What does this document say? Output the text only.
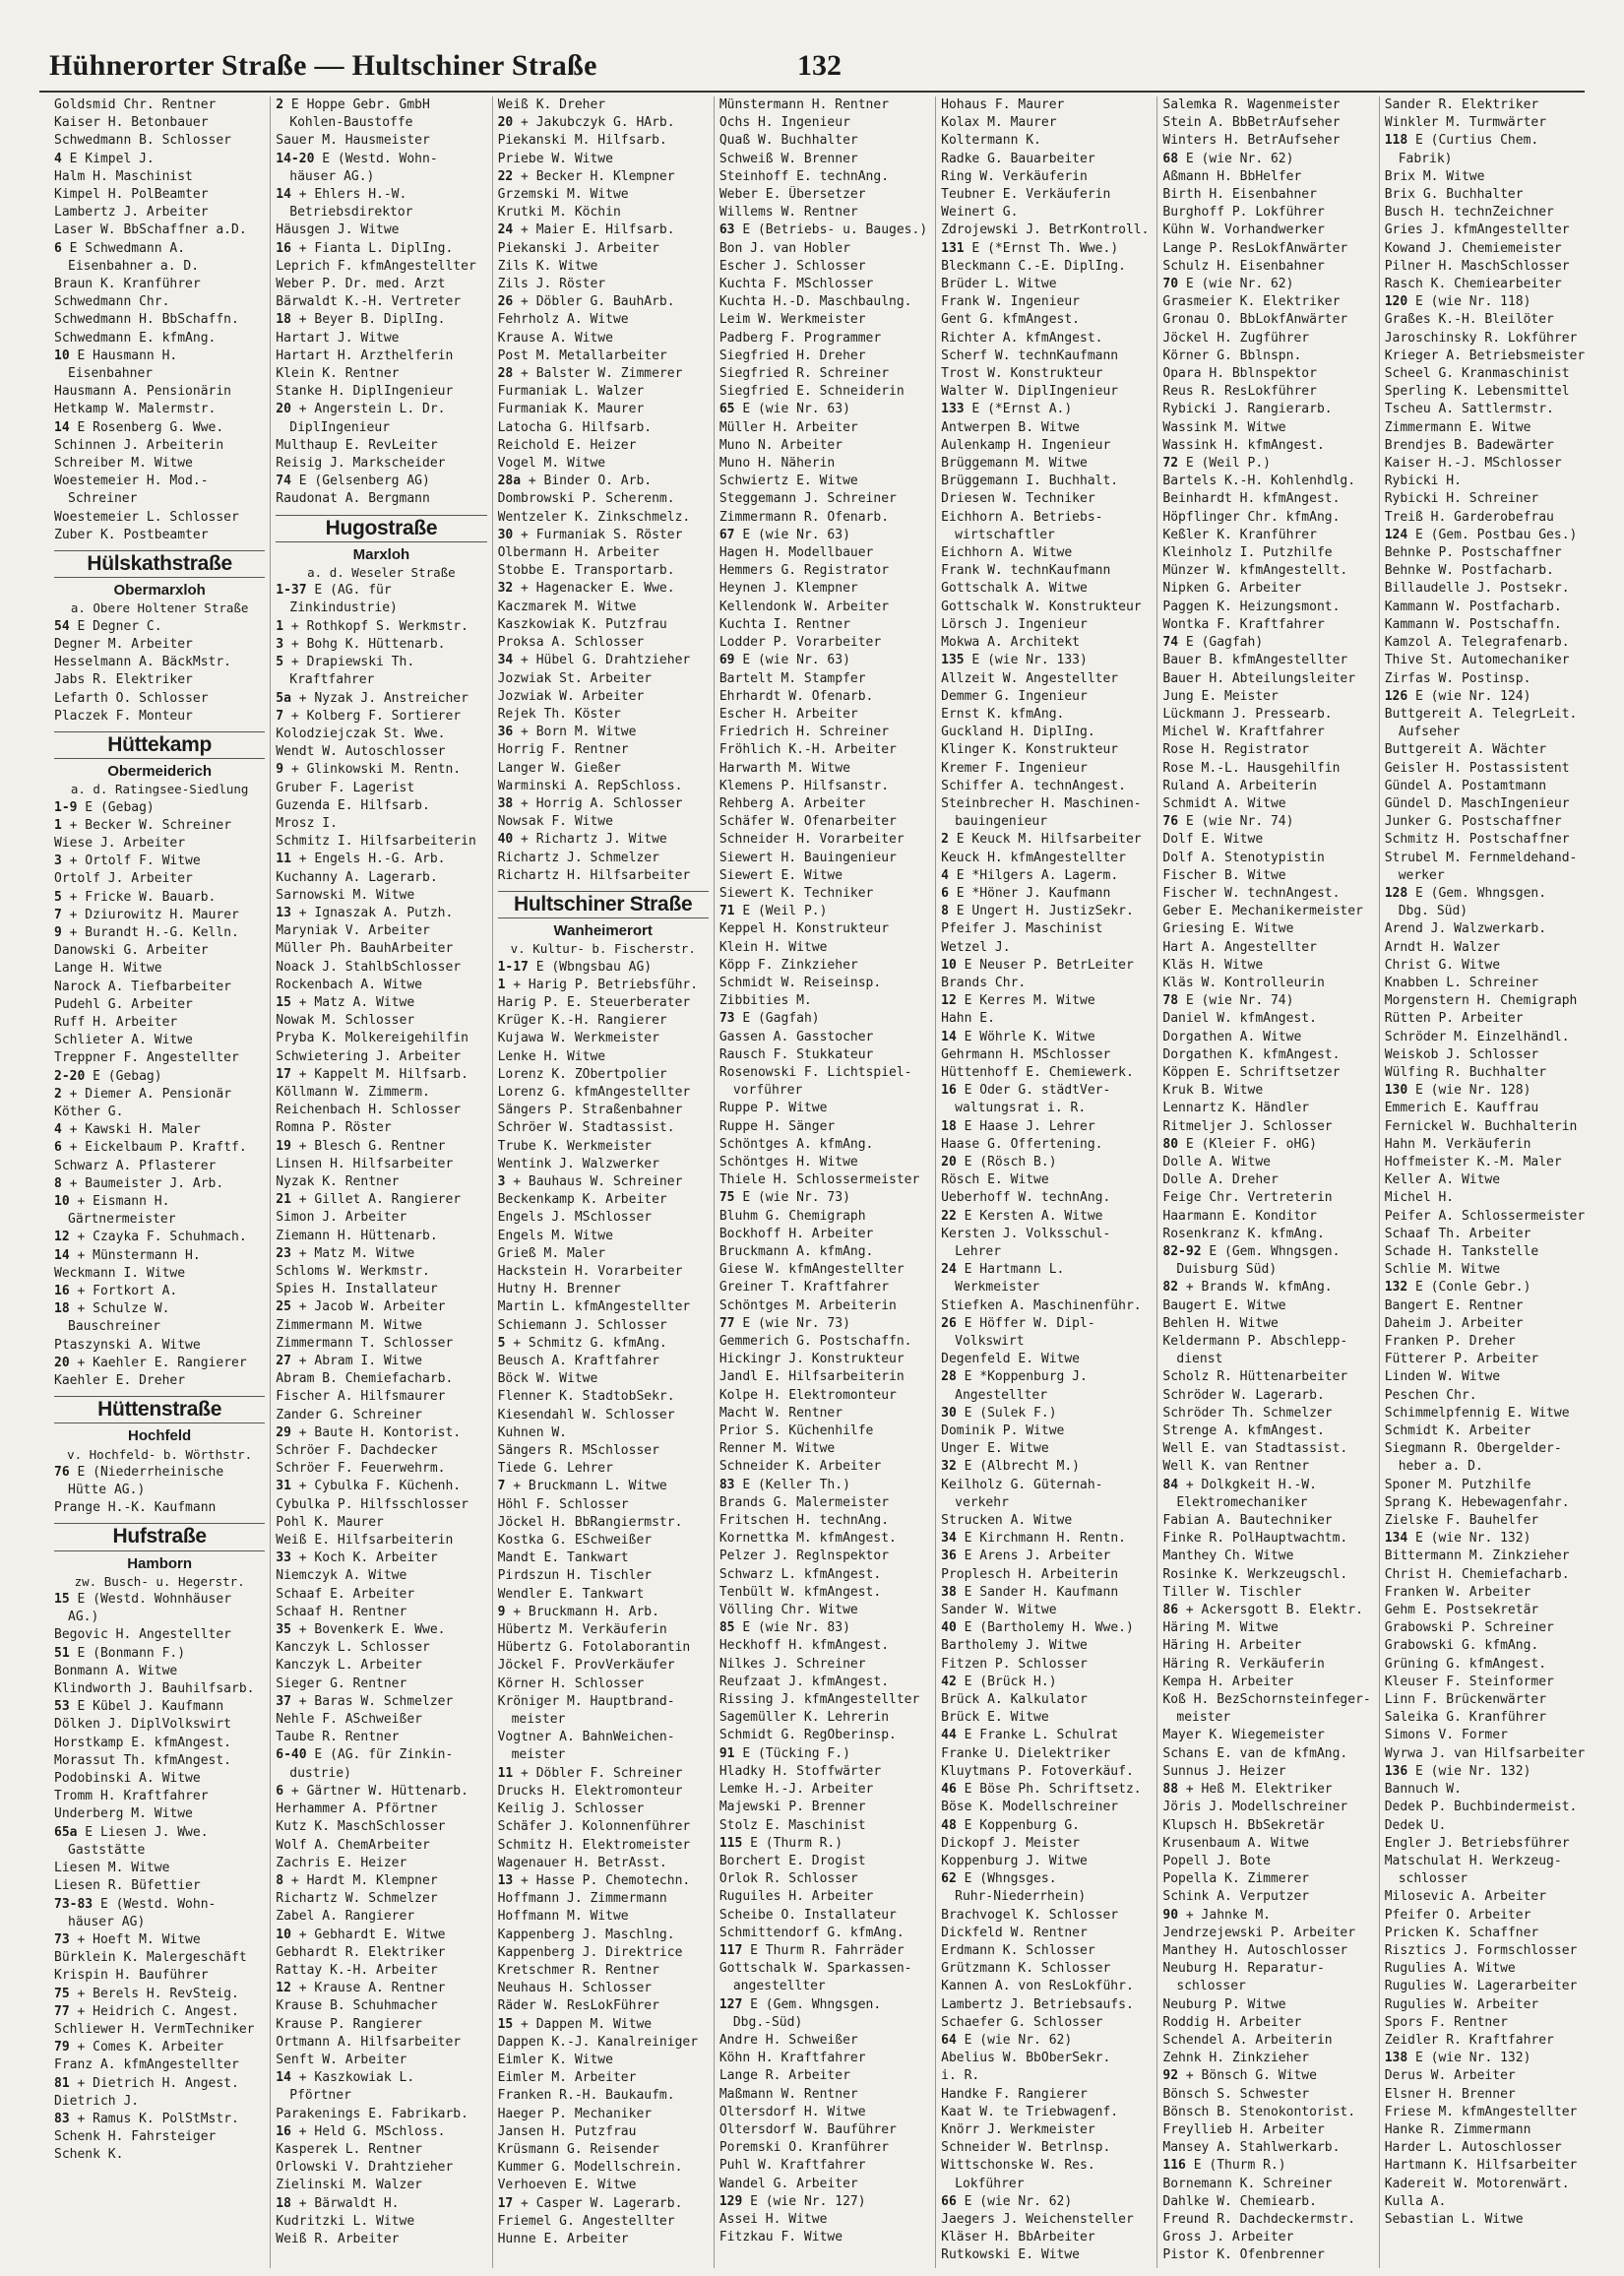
Hühnerorter Straße — Hultschiner Straße	132
Goldsmid Chr. Rentner
Kaiser H. Betonbauer
Schwedmann B. Schlosser
4 E Kimpel J.
Halm H. Maschinist
Kimpel H. PolBeamter
Lambertz J. Arbeiter
Laser W. BbSchaffner a.D.
6 E Schwedmann A.
Eisenbahner a. D.
Braun K. Kranführer
Schwedmann Chr.
Schwedmann H. BbSchaffn.
Schwedmann E. kfmAng.
10 E Hausmann H.
Eisenbahner
Hausmann A. Pensionärin
Hetkamp W. Malermstr.
14 E Rosenberg G. Wwe.
Schinnen J. Arbeiterin
Schreiber M. Witwe
Woestemeier H. Mod.-
Schreiner
Woestemeier L. Schlosser
Zuber K. Postbeamter
Hülskathstraße
Obermarxloh
a. Obere Holtener Straße
54 E Degner C.
Degner M. Arbeiter
Hesselmann A. BäckMstr.
Jabs R. Elektriker
Lefarth O. Schlosser
Placzek F. Monteur
Hüttekamp
Obermeiderich
a. d. Ratingsee-Siedlung
1-9 E (Gebag)
1 + Becker W. Schreiner
Wiese J. Arbeiter
3 + Ortolf F. Witwe
Ortolf J. Arbeiter
5 + Fricke W. Bauarb.
7 + Dziurowitz H. Maurer
9 + Burandt H.-G. Kelln.
Danowski G. Arbeiter
Lange H. Witwe
Narock A. Tiefbarbeiter
Pudehl G. Arbeiter
Ruff H. Arbeiter
Schlieter A. Witwe
Treppner F. Angestellter
2-20 E (Gebag)
2 + Diemer A. Pensionär
Köther G.
4 + Kawski H. Maler
6 + Eickelbaum P. Kraftf.
Schwarz A. Pflasterer
8 + Baumeister J. Arb.
10 + Eismann H.
Gärtnermeister
12 + Czayka F. Schuhmach.
14 + Münstermann H.
Weckmann I. Witwe
16 + Fortkort A.
18 + Schulze W.
Bauschreiner
Ptaszynski A. Witwe
20 + Kaehler E. Rangierer
Kaehler E. Dreher
Hüttenstraße
Hochfeld
v. Hochfeld- b. Wörthstr.
76 E (Niederrheinische
Hütte AG.)
Prange H.-K. Kaufmann
Hufstraße
Hamborn
zw. Busch- u. Hegerstr.
15 E (Westd. Wohnhäuser
AG.)
Begovic H. Angestellter
51 E (Bonmann F.)
Bonmann A. Witwe
Klindworth J. Bauhilfsarb.
53 E Kübel J. Kaufmann
Dölken J. DiplVolkswirt
Horstkamp E. kfmAngest.
Morassut Th. kfmAngest.
Podobinski A. Witwe
Tromm H. Kraftfahrer
Underberg M. Witwe
65a E Liesen J. Wwe.
Gaststätte
Liesen M. Witwe
Liesen R. Büfettier
73-83 E (Westd. Wohn-
häuser AG)
73 + Hoeft M. Witwe
Bürklein K. Malergeschäft
Krispin H. Bauführer
75 + Berels H. RevSteig.
77 + Heidrich C. Angest.
Schliewer H. VermTechniker
79 + Comes K. Arbeiter
Franz A. kfmAngestellter
81 + Dietrich H. Angest.
Dietrich J.
83 + Ramus K. PolStMstr.
Schenk H. Fahrsteiger
Schenk K.
2 E Hoppe Gebr. GmbH
Kohlen-Baustoffe
Sauer M. Hausmeister
14-20 E (Westd. Wohn-
häuser AG.)
14 + Ehlers H.-W.
Betriebsdirektor
Häusgen J. Witwe
16 + Fianta L. DiplIng.
Leprich F. kfmAngestellter
Weber P. Dr. med. Arzt
Bärwaldt K.-H. Vertreter
18 + Beyer B. DiplIng.
Hartart J. Witwe
Hartart H. Arzthelferin
Klein K. Rentner
Stanke H. DiplIngenieur
20 + Angerstein L. Dr.
DiplIngenieur
Multhaup E. RevLeiter
Reisig J. Markscheider
74 E (Gelsenberg AG)
Raudonat A. Bergmann
Hugostraße
Marxloh
a. d. Weseler Straße
1-37 E (AG. für
Zinkindustrie)
1 + Rothkopf S. Werkmstr.
3 + Bohg K. Hüttenarb.
5 + Drapiewski Th.
Kraftfahrer
5a + Nyzak J. Anstreicher
7 + Kolberg F. Sortierer
Kolodziejczak St. Wwe.
Wendt W. Autoschlosser
9 + Glinkowski M. Rentn.
Gruber F. Lagerist
Guzenda E. Hilfsarb.
Mrosz I.
Schmitz I. Hilfsarbeiterin
11 + Engels H.-G. Arb.
Kuchanny A. Lagerarb.
Sarnowski M. Witwe
13 + Ignaszak A. Putzh.
Maryniak V. Arbeiter
Müller Ph. BauhArbeiter
Noack J. StahlbSchlosser
Rockenbach A. Witwe
15 + Matz A. Witwe
Nowak M. Schlosser
Pryba K. Molkereigehilfin
Schwietering J. Arbeiter
17 + Kappelt M. Hilfsarb.
Köllmann W. Zimmerm.
Reichenbach H. Schlosser
Romna P. Röster
19 + Blesch G. Rentner
Linsen H. Hilfsarbeiter
Nyzak K. Rentner
21 + Gillet A. Rangierer
Simon J. Arbeiter
Ziemann H. Hüttenarb.
23 + Matz M. Witwe
Schloms W. Werkmstr.
Spies H. Installateur
25 + Jacob W. Arbeiter
Zimmermann M. Witwe
Zimmermann T. Schlosser
27 + Abram I. Witwe
Abram B. Chemiefacharb.
Fischer A. Hilfsmaurer
Zander G. Schreiner
29 + Baute H. Kontorist.
Schröer F. Dachdecker
Schröer F. Feuerwehrm.
31 + Cybulka F. Küchenh.
Cybulka P. Hilfsschlosser
Pohl K. Maurer
Weiß E. Hilfsarbeiterin
33 + Koch K. Arbeiter
Niemczyk A. Witwe
Schaaf E. Arbeiter
Schaaf H. Rentner
35 + Bovenkerk E. Wwe.
Kanczyk L. Schlosser
Kanczyk L. Arbeiter
Sieger G. Rentner
37 + Baras W. Schmelzer
Nehle F. ASchweißer
Taube R. Rentner
6-40 E (AG. für Zinkin-
dustrie)
6 + Gärtner W. Hüttenarb.
Herhammer A. Pförtner
Kutz K. MaschSchlosser
Wolf A. ChemArbeiter
Zachris E. Heizer
8 + Hardt M. Klempner
Richartz W. Schmelzer
Zabel A. Rangierer
10 + Gebhardt E. Witwe
Gebhardt R. Elektriker
Rattay K.-H. Arbeiter
12 + Krause A. Rentner
Krause B. Schuhmacher
Krause P. Rangierer
Ortmann A. Hilfsarbeiter
Senft W. Arbeiter
14 + Kaszkowiak L.
Pförtner
Parakenings E. Fabrikarb.
16 + Held G. MSchloss.
Kasperek L. Rentner
Orlowski V. Drahtzieher
Zielinski M. Walzer
18 + Bärwaldt H.
Kudritzki L. Witwe
Weiß R. Arbeiter
Weiß K. Dreher
20 + Jakubczyk G. HArb.
Piekanski M. Hilfsarb.
Priebe W. Witwe
22 + Becker H. Klempner
Grzemski M. Witwe
Krutki M. Köchin
24 + Maier E. Hilfsarb.
Piekanski J. Arbeiter
Zils K. Witwe
Zils J. Röster
26 + Döbler G. BauhArb.
Fehrholz A. Witwe
Krause A. Witwe
Post M. Metallarbeiter
28 + Balster W. Zimmerer
Furmaniak L. Walzer
Furmaniak K. Maurer
Latocha G. Hilfsarb.
Reichold E. Heizer
Vogel M. Witwe
28a + Binder O. Arb.
Dombrowski P. Scherenm.
Wentzeler K. Zinkschmelz.
30 + Furmaniak S. Röster
Olbermann H. Arbeiter
Stobbe E. Transportarb.
32 + Hagenacker E. Wwe.
Kaczmarek M. Witwe
Kaszkowiak K. Putzfrau
Proksa A. Schlosser
34 + Hübel G. Drahtzieher
Jozwiak St. Arbeiter
Jozwiak W. Arbeiter
Rejek Th. Köster
36 + Born M. Witwe
Horrig F. Rentner
Langer W. Gießer
Warminski A. RepSchloss.
38 + Horrig A. Schlosser
Nowsak F. Witwe
40 + Richartz J. Witwe
Richartz J. Schmelzer
Richartz H. Hilfsarbeiter
Hultschiner Straße
Wanheimerort
v. Kultur- b. Fischerstr.
1-17 E (Wbngsbau AG)
1 + Harig P. Betriebsführ.
Harig P. E. Steuerberater
Krüger K.-H. Rangierer
Kujawa W. Werkmeister
Lenke H. Witwe
Lorenz K. ZObertpolier
Lorenz G. kfmAngestellter
Sängers P. Straßenbahner
Schröer W. Stadtassist.
Trube K. Werkmeister
Wentink J. Walzwerker
3 + Bauhaus W. Schreiner
Beckenkamp K. Arbeiter
Engels J. MSchlosser
Engels M. Witwe
Grieß M. Maler
Hackstein H. Vorarbeiter
Hutny H. Brenner
Martin L. kfmAngestellter
Schiemann J. Schlosser
5 + Schmitz G. kfmAng.
Beusch A. Kraftfahrer
Böck W. Witwe
Flenner K. StadtobSekr.
Kiesendahl W. Schlosser
Kuhnen W.
Sängers R. MSchlosser
Tiede G. Lehrer
7 + Bruckmann L. Witwe
Höhl F. Schlosser
Jöckel H. BbRangiermstr.
Kostka G. ESchweißer
Mandt E. Tankwart
Pirdszun H. Tischler
Wendler E. Tankwart
9 + Bruckmann H. Arb.
Hübertz M. Verkäuferin
Hübertz G. Fotolaborantin
Jöckel F. ProvVerkäufer
Körner H. Schlosser
Kröniger M. Hauptbrand-
meister
Vogtner A. BahnWeichen-
meister
11 + Döbler F. Schreiner
Drucks H. Elektromonteur
Keilig J. Schlosser
Schäfer J. Kolonnenführer
Schmitz H. Elektromeister
Wagenauer H. BetrAsst.
13 + Hasse P. Chemotechn.
Hoffmann J. Zimmermann
Hoffmann M. Witwe
Kappenberg J. Maschlng.
Kappenberg J. Direktrice
Kretschmer R. Rentner
Neuhaus H. Schlosser
Räder W. ResLokFührer
15 + Dappen M. Witwe
Dappen K.-J. Kanalreiniger
Eimler K. Witwe
Eimler M. Arbeiter
Franken R.-H. Baukaufm.
Haeger P. Mechaniker
Jansen H. Putzfrau
Krüsmann G. Reisender
Kummer G. Modellschrein.
Verhoeven E. Witwe
17 + Casper W. Lagerarb.
Friemel G. Angestellter
Hunne E. Arbeiter
Münstermann H. Rentner
Ochs H. Ingenieur
Quaß W. Buchhalter
Schweiß W. Brenner
Steinhoff E. technAng.
Weber E. Übersetzer
Willems W. Rentner
63 E (Betriebs- u. Bauges.)
Bon J. van Hobler
Escher J. Schlosser
Kuchta F. MSchlosser
Kuchta H.-D. Maschbaulng.
Leim W. Werkmeister
Padberg F. Programmer
Siegfried H. Dreher
Siegfried R. Schreiner
Siegfried E. Schneiderin
65 E (wie Nr. 63)
Müller H. Arbeiter
Muno N. Arbeiter
Muno H. Näherin
Schwiertz E. Witwe
Steggemann J. Schreiner
Zimmermann R. Ofenarb.
67 E (wie Nr. 63)
Hagen H. Modellbauer
Hemmers G. Registrator
Heynen J. Klempner
Kellendonk W. Arbeiter
Kuchta I. Rentner
Lodder P. Vorarbeiter
69 E (wie Nr. 63)
Bartelt M. Stampfer
Ehrhardt W. Ofenarb.
Escher H. Arbeiter
Friedrich H. Schreiner
Fröhlich K.-H. Arbeiter
Harwarth M. Witwe
Klemens P. Hilfsanstr.
Rehberg A. Arbeiter
Schäfer W. Ofenarbeiter
Schneider H. Vorarbeiter
Siewert H. Bauingenieur
Siewert E. Witwe
Siewert K. Techniker
71 E (Weil P.)
Keppel H. Konstrukteur
Klein H. Witwe
Köpp F. Zinkzieher
Schmidt W. Reiseinsp.
Zibbities M.
73 E (Gagfah)
Gassen A. Gasstocher
Rausch F. Stukkateur
Rosenowski F. Lichtspiel-
vorführer
Ruppe P. Witwe
Ruppe H. Sänger
Schöntges A. kfmAng.
Schöntges H. Witwe
Thiele H. Schlossermeister
75 E (wie Nr. 73)
Bluhm G. Chemigraph
Bockhoff H. Arbeiter
Bruckmann A. kfmAng.
Giese W. kfmAngestellter
Greiner T. Kraftfahrer
Schöntges M. Arbeiterin
77 E (wie Nr. 73)
Gemmerich G. Postschaffn.
Hickingr J. Konstrukteur
Jandl E. Hilfsarbeiterin
Kolpe H. Elektromonteur
Macht W. Rentner
Prior S. Küchenhilfe
Renner M. Witwe
Schneider K. Arbeiter
83 E (Keller Th.)
Brands G. Malermeister
Fritschen H. technAng.
Kornettka M. kfmAngest.
Pelzer J. Reglnspektor
Schwarz L. kfmAngest.
Tenbült W. kfmAngest.
Völling Chr. Witwe
85 E (wie Nr. 83)
Heckhoff H. kfmAngest.
Nilkes J. Schreiner
Reufzaat J. kfmAngest.
Rissing J. kfmAngestellter
Sagemüller K. Lehrerin
Schmidt G. RegOberinsp.
91 E (Tücking F.)
Hladky H. Stoffwärter
Lemke H.-J. Arbeiter
Majewski P. Brenner
Stolz E. Maschinist
115 E (Thurm R.)
Borchert E. Drogist
Orlok R. Schlosser
Ruguiles H. Arbeiter
Scheibe O. Installateur
Schmittendorf G. kfmAng.
117 E Thurm R. Fahrräder
Gottschalk W. Sparkassen-
angestellter
127 E (Gem. Whngsgen.
Dbg.-Süd)
Andre H. Schweißer
Köhn H. Kraftfahrer
Lange R. Arbeiter
Maßmann W. Rentner
Oltersdorf H. Witwe
Oltersdorf W. Bauführer
Poremski O. Kranführer
Puhl W. Kraftfahrer
Wandel G. Arbeiter
129 E (wie Nr. 127)
Assei H. Witwe
Fitzkau F. Witwe
Hohaus F. Maurer
Kolax M. Maurer
Koltermann K.
Radke G. Bauarbeiter
Ring W. Verkäuferin
Teubner E. Verkäuferin
Weinert G.
Zdrojewski J. BetrKontroll.
131 E (*Ernst Th. Wwe.)
Bleckmann C.-E. DiplIng.
Brüder L. Witwe
Frank W. Ingenieur
Gent G. kfmAngest.
Richter A. kfmAngest.
Scherf W. technKaufmann
Trost W. Konstrukteur
Walter W. DiplIngenieur
133 E (*Ernst A.)
Antwerpen B. Witwe
Aulenkamp H. Ingenieur
Brüggemann M. Witwe
Brüggemann I. Buchhalt.
Driesen W. Techniker
Eichhorn A. Betriebs-
wirtschaftler
Eichhorn A. Witwe
Frank W. technKaufmann
Gottschalk A. Witwe
Gottschalk W. Konstrukteur
Lörsch J. Ingenieur
Mokwa A. Architekt
135 E (wie Nr. 133)
Allzeit W. Angestellter
Demmer G. Ingenieur
Ernst K. kfmAng.
Guckland H. DiplIng.
Klinger K. Konstrukteur
Kremer F. Ingenieur
Schiffer A. technAngest.
Steinbrecher H. Maschinen-
bauingenieur
2 E Keuck M. Hilfsarbeiter
Keuck H. kfmAngestellter
4 E *Hilgers A. Lagerm.
6 E *Höner J. Kaufmann
8 E Ungert H. JustizSekr.
Pfeifer J. Maschinist
Wetzel J.
10 E Neuser P. BetrLeiter
Brands Chr.
12 E Kerres M. Witwe
Hahn E.
14 E Wöhrle K. Witwe
Gehrmann H. MSchlosser
Hüttenhoff E. Chemiewerk.
16 E Oder G. städtVer-
waltungsrat i. R.
18 E Haase J. Lehrer
Haase G. Offertening.
20 E (Rösch B.)
Rösch E. Witwe
Ueberhoff W. technAng.
22 E Kersten A. Witwe
Kersten J. Volksschul-
Lehrer
24 E Hartmann L.
Werkmeister
Stiefken A. Maschinenführ.
26 E Höffer W. Dipl-
Volkswirt
Degenfeld E. Witwe
28 E *Koppenburg J.
Angestellter
30 E (Sulek F.)
Dominik P. Witwe
Unger E. Witwe
32 E (Albrecht M.)
Keilholz G. Güternah-
verkehr
Strucken A. Witwe
34 E Kirchmann H. Rentn.
36 E Arens J. Arbeiter
Proplesch H. Arbeiterin
38 E Sander H. Kaufmann
Sander W. Witwe
40 E (Bartholemy H. Wwe.)
Bartholemy J. Witwe
Fitzen P. Schlosser
42 E (Brück H.)
Brück A. Kalkulator
Brück E. Witwe
44 E Franke L. Schulrat
Franke U. Dielektriker
Kluytmans P. Fotoverkäuf.
46 E Böse Ph. Schriftsetz.
Böse K. Modellschreiner
48 E Koppenburg G.
Dickopf J. Meister
Koppenburg J. Witwe
62 E (Whngsges.
Ruhr-Niederrhein)
Brachvogel K. Schlosser
Dickfeld W. Rentner
Erdmann K. Schlosser
Grützmann K. Schlosser
Kannen A. von ResLokführ.
Lambertz J. Betriebsaufs.
Schaefer G. Schlosser
64 E (wie Nr. 62)
Abelius W. BbOberSekr.
i. R.
Handke F. Rangierer
Kaat W. te Triebwagenf.
Knörr J. Werkmeister
Schneider W. Betrlnsp.
Wittschonske W. Res.
Lokführer
66 E (wie Nr. 62)
Jaegers J. Weichensteller
Kläser H. BbArbeiter
Rutkowski E. Witwe
Salemka R. Wagenmeister
Stein A. BbBetrAufseher
Winters H. BetrAufseher
68 E (wie Nr. 62)
Aßmann H. BbHelfer
Birth H. Eisenbahner
Burghoff P. Lokführer
Kühn W. Vorhandwerker
Lange P. ResLokfAnwärter
Schulz H. Eisenbahner
70 E (wie Nr. 62)
Grasmeier K. Elektriker
Gronau O. BbLokfAnwärter
Jöckel H. Zugführer
Körner G. Bblnspn.
Opara H. Bblnspektor
Reus R. ResLokführer
Rybicki J. Rangierarb.
Wassink M. Witwe
Wassink H. kfmAngest.
72 E (Weil P.)
Bartels K.-H. Kohlenhdlg.
Beinhardt H. kfmAngest.
Höpflinger Chr. kfmAng.
Keßler K. Kranführer
Kleinholz I. Putzhilfe
Münzer W. kfmAngestellt.
Nipken G. Arbeiter
Paggen K. Heizungsmont.
Wontka F. Kraftfahrer
74 E (Gagfah)
Bauer B. kfmAngestellter
Bauer H. Abteilungsleiter
Jung E. Meister
Lückmann J. Pressearb.
Michel W. Kraftfahrer
Rose H. Registrator
Rose M.-L. Hausgehilfin
Ruland A. Arbeiterin
Schmidt A. Witwe
76 E (wie Nr. 74)
Dolf E. Witwe
Dolf A. Stenotypistin
Fischer B. Witwe
Fischer W. technAngest.
Geber E. Mechanikermeister
Griesing E. Witwe
Hart A. Angestellter
Kläs H. Witwe
Kläs W. Kontrolleurin
78 E (wie Nr. 74)
Daniel W. kfmAngest.
Dorgathen A. Witwe
Dorgathen K. kfmAngest.
Köppen E. Schriftsetzer
Kruk B. Witwe
Lennartz K. Händler
Ritmeljer J. Schlosser
80 E (Kleier F. oHG)
Dolle A. Witwe
Dolle A. Dreher
Feige Chr. Vertreterin
Haarmann E. Konditor
Rosenkranz K. kfmAng.
82-92 E (Gem. Whngsgen.
Duisburg Süd)
82 + Brands W. kfmAng.
Baugert E. Witwe
Behlen H. Witwe
Keldermann P. Abschlepp-
dienst
Scholz R. Hüttenarbeiter
Schröder W. Lagerarb.
Schröder Th. Schmelzer
Strenge A. kfmAngest.
Well E. van Stadtassist.
Well K. van Rentner
84 + Dolkgkeit H.-W.
Elektromechaniker
Fabian A. Bautechniker
Finke R. PolHauptwachtm.
Manthey Ch. Witwe
Rosinke K. Werkzeugschl.
Tiller W. Tischler
86 + Ackersgott B. Elektr.
Häring M. Witwe
Häring H. Arbeiter
Häring R. Verkäuferin
Kempa H. Arbeiter
Koß H. BezSchornsteinfeger-
meister
Mayer K. Wiegemeister
Schans E. van de kfmAng.
Sunnus J. Heizer
88 + Heß M. Elektriker
Jöris J. Modellschreiner
Klupsch H. BbSekretär
Krusenbaum A. Witwe
Popell J. Bote
Popella K. Zimmerer
Schink A. Verputzer
90 + Jahnke M.
Jendrzejewski P. Arbeiter
Manthey H. Autoschlosser
Neuburg H. Reparatur-
schlosser
Neuburg P. Witwe
Roddig H. Arbeiter
Schendel A. Arbeiterin
Zehnk H. Zinkzieher
92 + Bönsch G. Witwe
Bönsch S. Schwester
Bönsch B. Stenokontorist.
Freyllieb H. Arbeiter
Mansey A. Stahlwerkarb.
116 E (Thurm R.)
Bornemann K. Schreiner
Dahlke W. Chemiearb.
Freund R. Dachdeckermstr.
Gross J. Arbeiter
Pistor K. Ofenbrenner
Sander R. Elektriker
Winkler M. Turmwärter
118 E (Curtius Chem.
Fabrik)
Brix M. Witwe
Brix G. Buchhalter
Busch H. technZeichner
Gries J. kfmAngestellter
Kowand J. Chemiemeister
Pilner H. MaschSchlosser
Rasch K. Chemiearbeiter
120 E (wie Nr. 118)
Graßes K.-H. Bleilöter
Jaroschinsky R. Lokführer
Krieger A. Betriebsmeister
Scheel G. Kranmaschinist
Sperling K. Lebensmittel
Tscheu A. Sattlermstr.
Zimmermann E. Witwe
Brendjes B. Badewärter
Kaiser H.-J. MSchlosser
Rybicki H.
Rybicki H. Schreiner
Treiß H. Garderobefrau
124 E (Gem. Postbau Ges.)
Behnke P. Postschaffner
Behnke W. Postfacharb.
Billaudelle J. Postsekr.
Kammann W. Postfacharb.
Kammann W. Postschaffn.
Kamzol A. Telegrafenarb.
Thive St. Automechaniker
Zirfas W. Postinsp.
126 E (wie Nr. 124)
Buttgereit A. TelegrLeit.
Aufseher
Buttgereit A. Wächter
Geisler H. Postassistent
Gündel A. Postamtmann
Gündel D. MaschIngenieur
Junker G. Postschaffner
Schmitz H. Postschaffner
Strubel M. Fernmeldehand-
werker
128 E (Gem. Whngsgen.
Dbg. Süd)
Arend J. Walzwerkarb.
Arndt H. Walzer
Christ G. Witwe
Knabben L. Schreiner
Morgenstern H. Chemigraph
Rütten P. Arbeiter
Schröder M. Einzelhändl.
Weiskob J. Schlosser
Wülfing R. Buchhalter
130 E (wie Nr. 128)
Emmerich E. Kauffrau
Fernickel W. Buchhalterin
Hahn M. Verkäuferin
Hoffmeister K.-M. Maler
Keller A. Witwe
Michel H.
Peifer A. Schlossermeister
Schaaf Th. Arbeiter
Schade H. Tankstelle
Schlie M. Witwe
132 E (Conle Gebr.)
Bangert E. Rentner
Daheim J. Arbeiter
Franken P. Dreher
Fütterer P. Arbeiter
Linden W. Witwe
Peschen Chr.
Schimmelpfennig E. Witwe
Schmidt K. Arbeiter
Siegmann R. Obergelder-
heber a. D.
Sponer M. Putzhilfe
Sprang K. Hebewagenfahr.
Zielske F. Bauhelfer
134 E (wie Nr. 132)
Bittermann M. Zinkzieher
Christ H. Chemiefacharb.
Franken W. Arbeiter
Gehm E. Postsekretär
Grabowski P. Schreiner
Grabowski G. kfmAng.
Grüning G. kfmAngest.
Kleuser F. Steinformer
Linn F. Brückenwärter
Saleika G. Kranführer
Simons V. Former
Wyrwa J. van Hilfsarbeiter
136 E (wie Nr. 132)
Bannuch W.
Dedek P. Buchbindermeist.
Dedek U.
Engler J. Betriebsführer
Matschulat H. Werkzeug-
schlosser
Milosevic A. Arbeiter
Pfeifer O. Arbeiter
Pricken K. Schaffner
Risztics J. Formschlosser
Rugulies A. Witwe
Rugulies W. Lagerarbeiter
Rugulies W. Arbeiter
Spors F. Rentner
Zeidler R. Kraftfahrer
138 E (wie Nr. 132)
Derus W. Arbeiter
Elsner H. Brenner
Friese M. kfmAngestellter
Hanke R. Zimmermann
Harder L. Autoschlosser
Hartmann K. Hilfsarbeiter
Kadereit W. Motorenwärt.
Kulla A.
Sebastian L. Witwe
